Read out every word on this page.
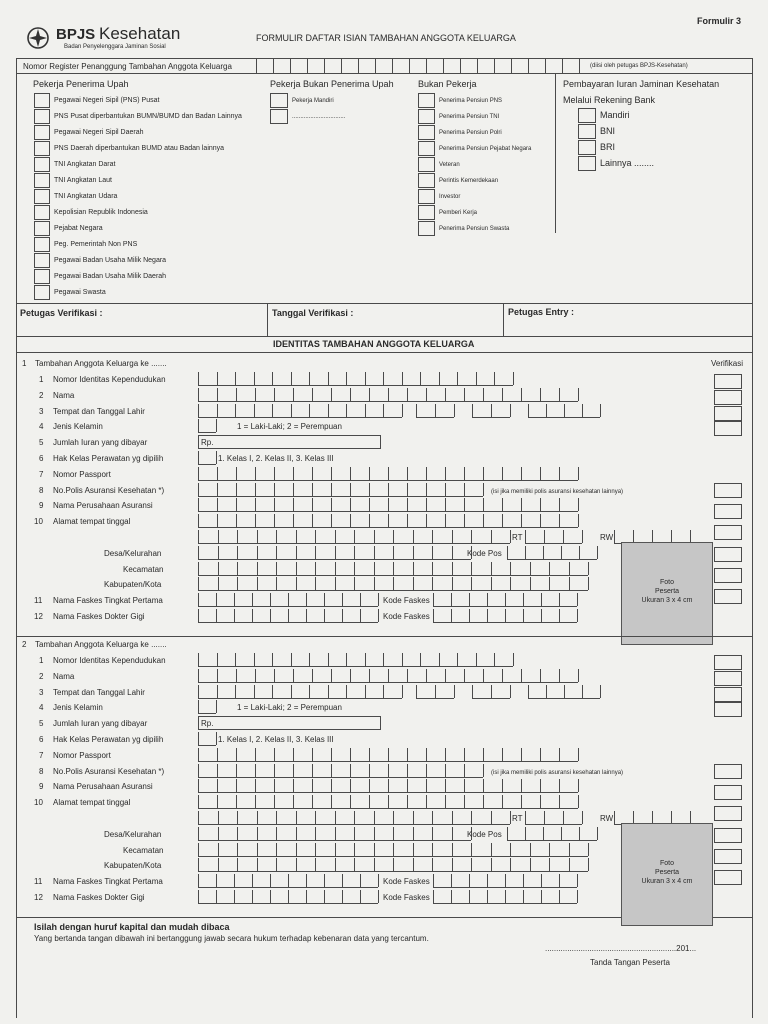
BPJS Kesehatan
Badan Penyelenggara Jaminan Sosial
FORMULIR DAFTAR ISIAN TAMBAHAN ANGGOTA KELUARGA
Formulir 3
Nomor Register Penanggung Tambahan Anggota Keluarga	(diisi oleh petugas BPJS-Kesehatan)
Pekerja Penerima Upah	Pekerja Bukan Penerima Upah	Bukan Pekerja	Pembayaran Iuran Jaminan Kesehatan
Melalui Rekening Bank
Petugas Verifikasi :	Tanggal Verifikasi :	Petugas Entry :
IDENTITAS TAMBAHAN ANGGOTA KELUARGA
Verifikasi
Isilah dengan huruf kapital dan mudah dibaca
Yang bertanda tangan dibawah ini bertanggung jawab secara hukum terhadap kebenaran data yang tercantum.
...........................................................201...
Tanda Tangan Peserta
Pegawai Negeri Sipil (PNS) Pusat
PNS Pusat diperbantukan BUMN/BUMD dan Badan Lainnya
Pegawai Negeri Sipil Daerah
PNS Daerah diperbantukan BUMD atau Badan lainnya
TNI Angkatan Darat
TNI Angkatan Laut
TNI Angkatan Udara
Kepolisian Republik Indonesia
Pejabat Negara
Peg. Pemerintah Non PNS
Pegawai Badan Usaha Milik Negara
Pegawai Badan Usaha Milik Daerah
Pegawai Swasta
Pekerja Mandiri
................................
Penerima Pensiun PNS
Penerima Pensiun TNI
Penerima Pensiun Polri
Penerima Pensiun Pejabat Negara
Veteran
Perintis Kemerdekaan
Investor
Pemberi Kerja
Penerima Pensiun Swasta
Mandiri
BNI
BRI
Lainnya ........
1 Tambahan Anggota Keluarga ke .......
1 Nomor Identitas Kependudukan
2 Nama
3 Tempat dan Tanggal Lahir
4 Jenis Kelamin
5 Jumlah Iuran yang dibayar
6 Hak Kelas Perawatan yg dipilih
7 Nomor Passport
8 No.Polis Asuransi Kesehatan *)
9 Nama Perusahaan Asuransi
10 Alamat tempat tinggal
1 = Laki-Laki; 2 = Perempuan
Rp.
1. Kelas I, 2. Kelas II, 3. Kelas III
(isi jika memiliki polis asuransi kesehatan lainnya)
RT	RW
Desa/Kelurahan
Kecamatan
Kabupaten/Kota
Kode Pos
11 Nama Faskes Tingkat Pertama	Kode Faskes
12 Nama Faskes Dokter Gigi	Kode Faskes
Foto
Peserta
Ukuran 3 x 4 cm
2 Tambahan Anggota Keluarga ke .......
1 Nomor Identitas Kependudukan
2 Nama
3 Tempat dan Tanggal Lahir
4 Jenis Kelamin
5 Jumlah Iuran yang dibayar
6 Hak Kelas Perawatan yg dipilih
7 Nomor Passport
8 No.Polis Asuransi Kesehatan *)
9 Nama Perusahaan Asuransi
10 Alamat tempat tinggal
1 = Laki-Laki; 2 = Perempuan
Rp.
1. Kelas I, 2. Kelas II, 3. Kelas III
(isi jika memiliki polis asuransi kesehatan lainnya)
RT	RW
Desa/Kelurahan
Kecamatan
Kabupaten/Kota
Kode Pos
11 Nama Faskes Tingkat Pertama	Kode Faskes
12 Nama Faskes Dokter Gigi	Kode Faskes
Foto
Peserta
Ukuran 3 x 4 cm
